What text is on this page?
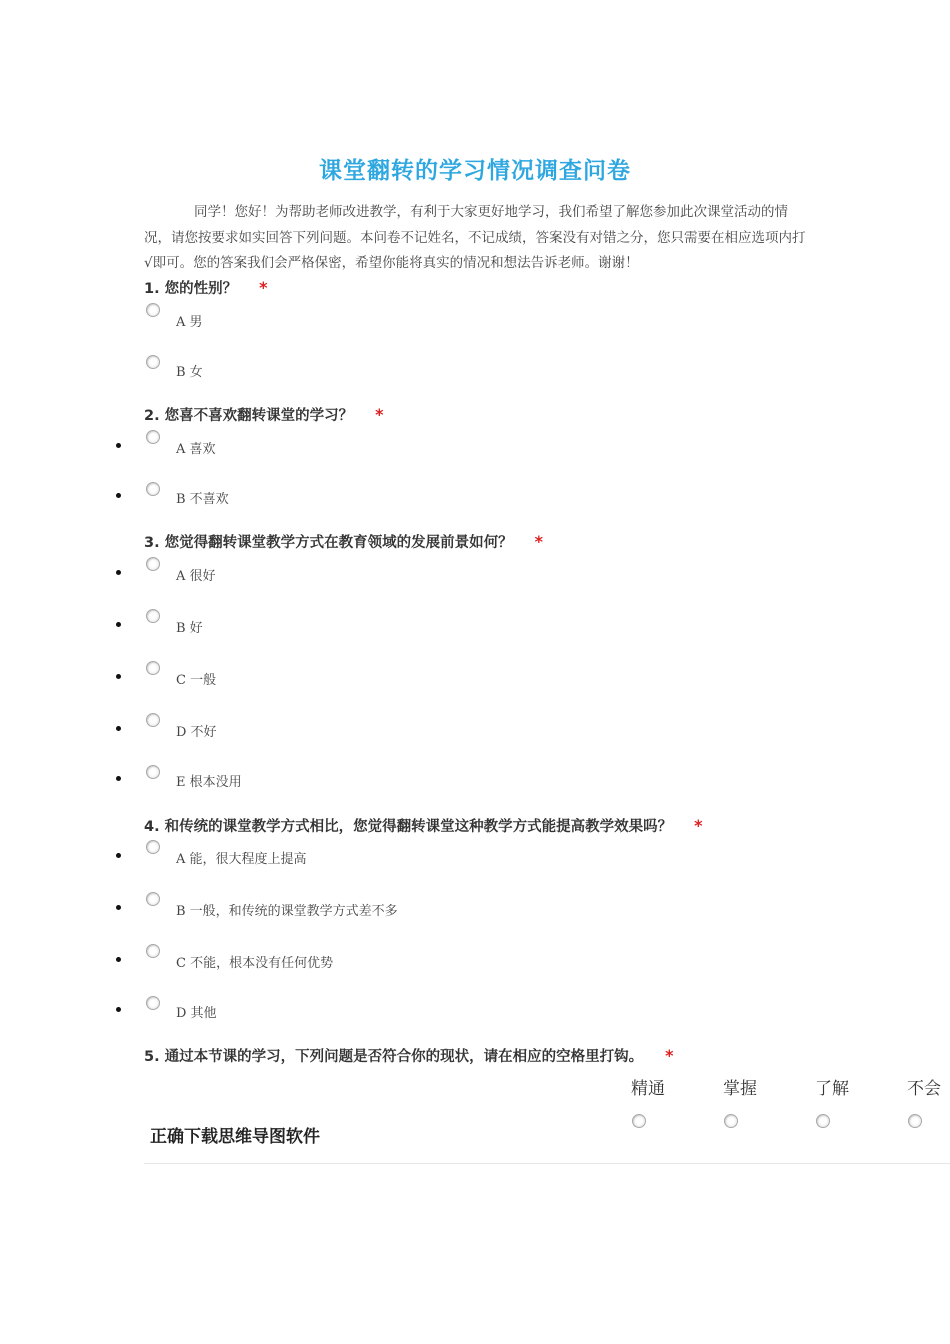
课堂翻转的学习情况调查问卷

同学！您好！为帮助老师改进教学，有利于大家更好地学习，我们希望了解您参加此次课堂活动的情况，请您按要求如实回答下列问题。本问卷不记姓名，不记成绩，答案没有对错之分，您只需要在相应选项内打√即可。您的答案我们会严格保密，希望你能将真实的情况和想法告诉老师。谢谢！

1. 您的性别？ *
A 男
B 女
2. 您喜不喜欢翻转课堂的学习？ *
A 喜欢
B 不喜欢
3. 您觉得翻转课堂教学方式在教育领域的发展前景如何？ *
A 很好
B 好
C 一般
D 不好
E 根本没用
4. 和传统的课堂教学方式相比，您觉得翻转课堂这种教学方式能提高教学效果吗？ *
A 能，很大程度上提高
B 一般，和传统的课堂教学方式差不多
C 不能，根本没有任何优势
D 其他
5. 通过本节课的学习，下列问题是否符合你的现状，请在相应的空格里打钩。 *
精通	掌握	了解	不会
正确下载思维导图软件
